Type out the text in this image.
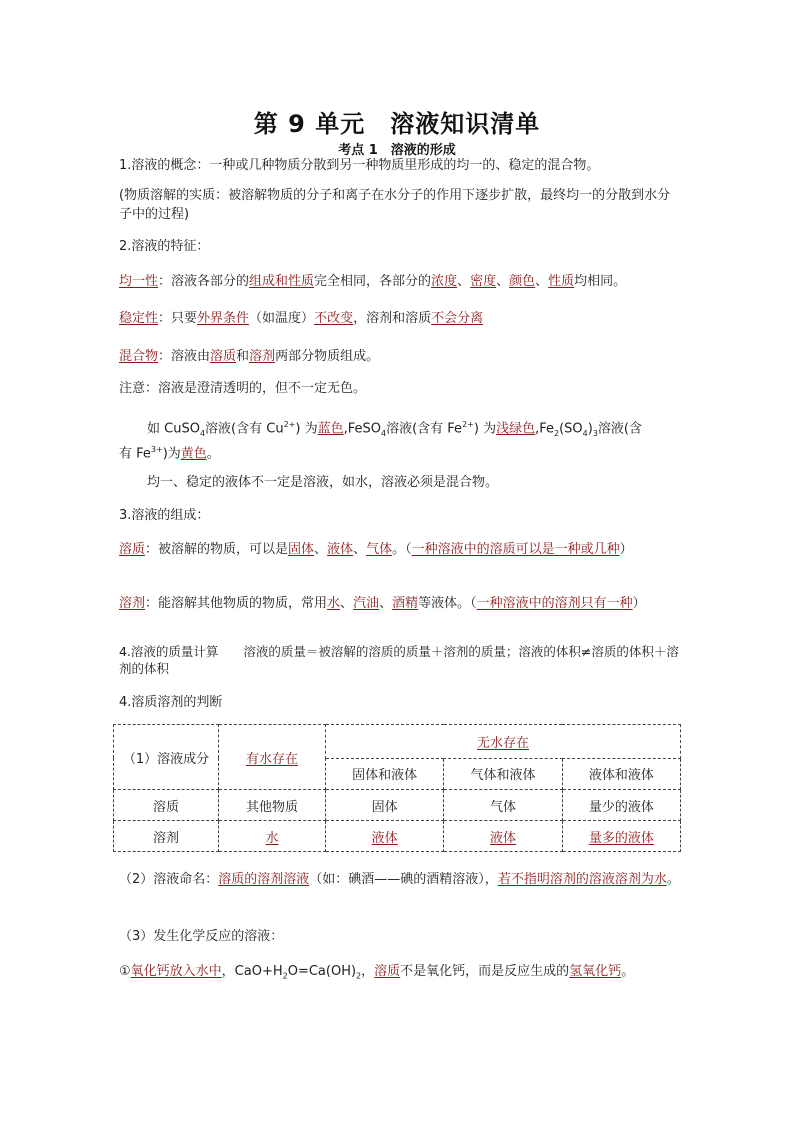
第 9 单元　溶液知识清单
考点 1　溶液的形成
1.溶液的概念：一种或几种物质分散到另一种物质里形成的均一的、稳定的混合物。
(物质溶解的实质：被溶解物质的分子和离子在水分子的作用下逐步扩散，最终均一的分散到水分子中的过程)
2.溶液的特征：
均一性：溶液各部分的组成和性质完全相同，各部分的浓度、密度、颜色、性质均相同。
稳定性：只要外界条件（如温度）不改变，溶剂和溶质不会分离
混合物：溶液由溶质和溶剂两部分物质组成。
注意：溶液是澄清透明的，但不一定无色。
如 CuSO$_4$溶液(含有 $Cu^{2+}$) 为蓝色,FeSO$_4$溶液(含有 $Fe^{2+}$) 为浅绿色$,Fe_2(SO_4)_3$溶液(含
有 $Fe^{3+}$)为黄色。
均一、稳定的液体不一定是溶液，如水，溶液必须是混合物。
3.溶液的组成：
溶质：被溶解的物质，可以是固体、液体、气体。（一种溶液中的溶质可以是一种或几种）
溶剂：能溶解其他物质的物质，常用水、汽油、酒精等液体。（一种溶液中的溶剂只有一种）
4.溶液的质量计算　　溶液的质量＝被溶解的溶质的质量＋溶剂的质量；溶液的体积≠溶质的体积＋溶剂的体积
4.溶质溶剂的判断
（1）溶液成分	有水存在	无水存在		
		固体和液体	气体和液体	液体和液体
溶质	其他物质	固体	气体	量少的液体
溶剂	水	液体	液体	量多的液体
（2）溶液命名：溶质的溶剂溶液（如：碘酒——碘的酒精溶液），若不指明溶剂的溶液溶剂为水。
（3）发生化学反应的溶液：
①氧化钙放入水中，$CaO+H_2O=Ca(OH)_2$，溶质不是氧化钙，而是反应生成的氢氧化钙。
